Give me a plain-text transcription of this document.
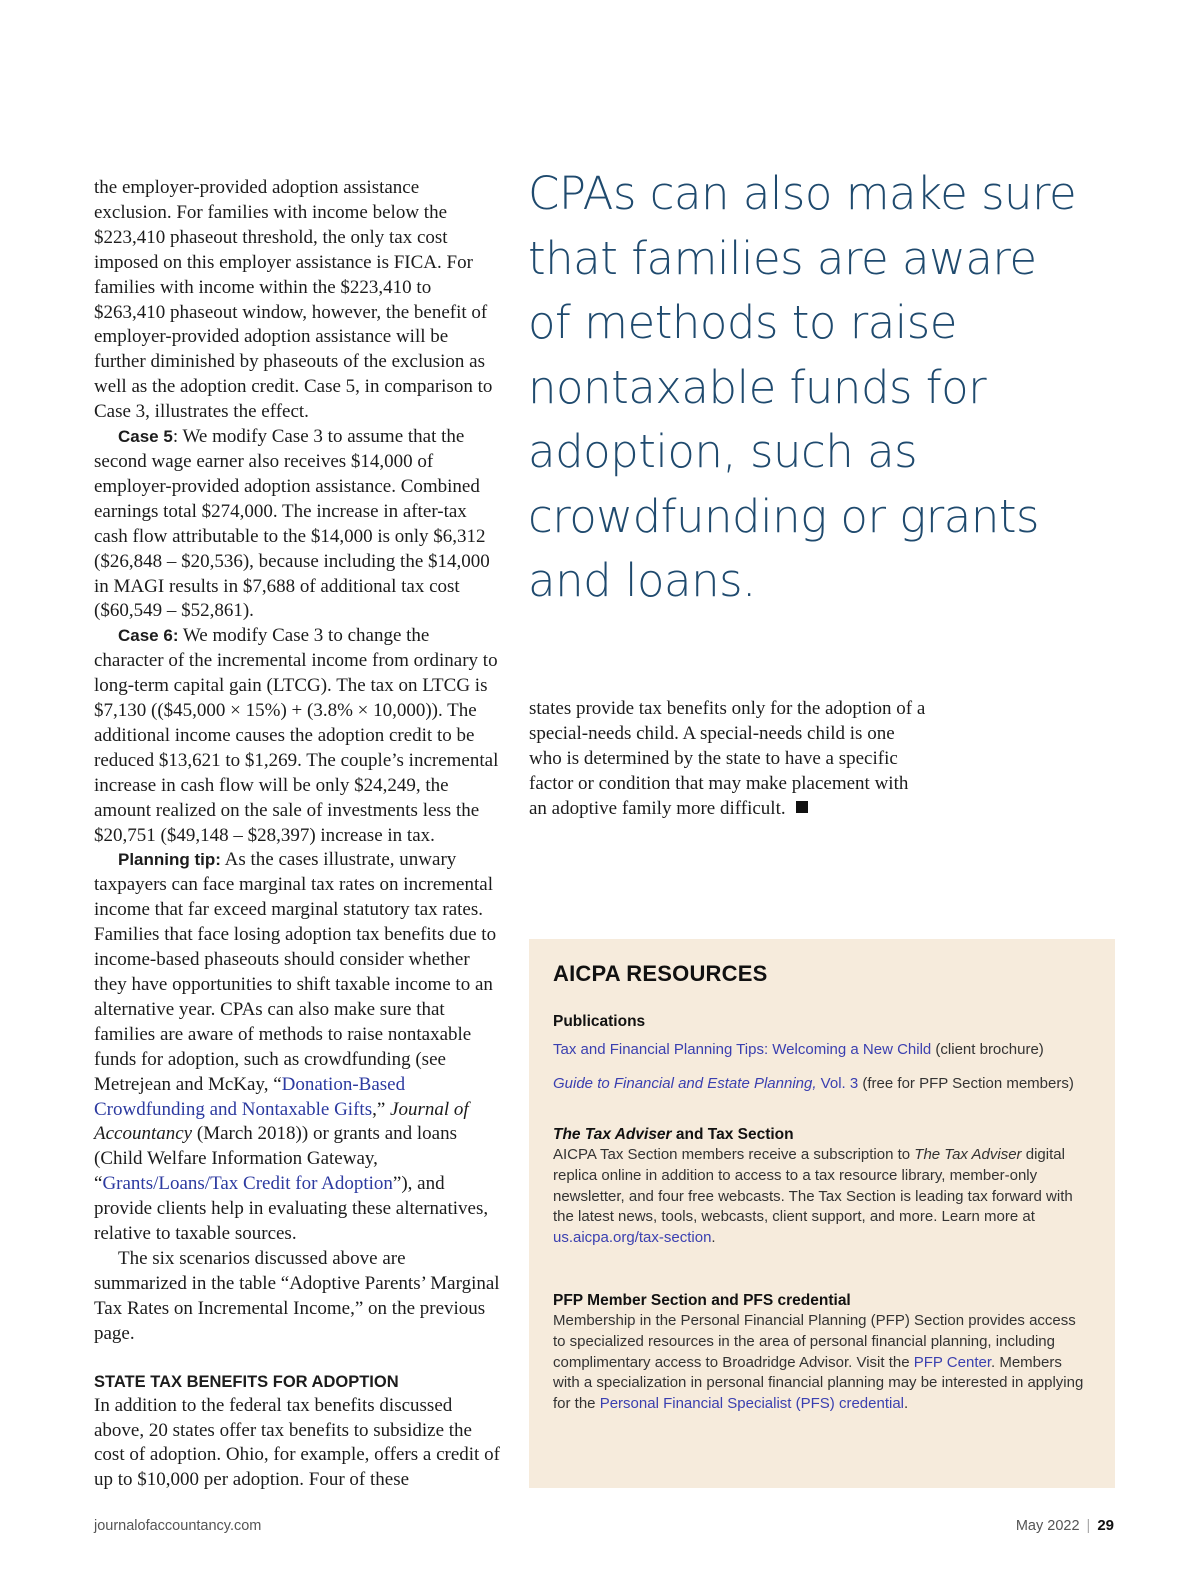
the employer-provided adoption assistance exclusion. For families with income below the $223,410 phaseout threshold, the only tax cost imposed on this employer assistance is FICA. For families with income within the $223,410 to $263,410 phaseout window, however, the benefit of employer-provided adoption assistance will be further diminished by phaseouts of the exclusion as well as the adoption credit. Case 5, in comparison to Case 3, illustrates the effect.

Case 5: We modify Case 3 to assume that the second wage earner also receives $14,000 of employer-provided adoption assistance. Combined earnings total $274,000. The increase in after-tax cash flow attributable to the $14,000 is only $6,312 ($26,848 – $20,536), because including the $14,000 in MAGI results in $7,688 of additional tax cost ($60,549 – $52,861).

Case 6: We modify Case 3 to change the character of the incremental income from ordinary to long-term capital gain (LTCG). The tax on LTCG is $7,130 (($45,000 × 15%) + (3.8% × 10,000)). The additional income causes the adoption credit to be reduced $13,621 to $1,269. The couple’s incremental increase in cash flow will be only $24,249, the amount realized on the sale of investments less the $20,751 ($49,148 – $28,397) increase in tax.

Planning tip: As the cases illustrate, unwary taxpayers can face marginal tax rates on incremental income that far exceed marginal statutory tax rates. Families that face losing adoption tax benefits due to income-based phaseouts should consider whether they have opportunities to shift taxable income to an alternative year. CPAs can also make sure that families are aware of methods to raise nontaxable funds for adoption, such as crowdfunding (see Metrejean and McKay, “Donation-Based Crowdfunding and Nontaxable Gifts,” Journal of Accountancy (March 2018)) or grants and loans (Child Welfare Information Gateway, “Grants/Loans/Tax Credit for Adoption”), and provide clients help in evaluating these alternatives, relative to taxable sources.

The six scenarios discussed above are summarized in the table “Adoptive Parents’ Marginal Tax Rates on Incremental Income,” on the previous page.

STATE TAX BENEFITS FOR ADOPTION

In addition to the federal tax benefits discussed above, 20 states offer tax benefits to subsidize the cost of adoption. Ohio, for example, offers a credit of up to $10,000 per adoption. Four of these

CPAs can also make sure that families are aware of methods to raise nontaxable funds for adoption, such as crowdfunding or grants and loans.

states provide tax benefits only for the adoption of a special-needs child. A special-needs child is one who is determined by the state to have a specific factor or condition that may make placement with an adoptive family more difficult.

AICPA RESOURCES

Publications

Tax and Financial Planning Tips: Welcoming a New Child (client brochure)

Guide to Financial and Estate Planning, Vol. 3 (free for PFP Section members)

The Tax Adviser and Tax Section

AICPA Tax Section members receive a subscription to The Tax Adviser digital replica online in addition to access to a tax resource library, member-only newsletter, and four free webcasts. The Tax Section is leading tax forward with the latest news, tools, webcasts, client support, and more. Learn more at us.aicpa.org/tax-section.

PFP Member Section and PFS credential

Membership in the Personal Financial Planning (PFP) Section provides access to specialized resources in the area of personal financial planning, including complimentary access to Broadridge Advisor. Visit the PFP Center. Members with a specialization in personal financial planning may be interested in applying for the Personal Financial Specialist (PFS) credential.

journalofaccountancy.com	May 2022 | 29
